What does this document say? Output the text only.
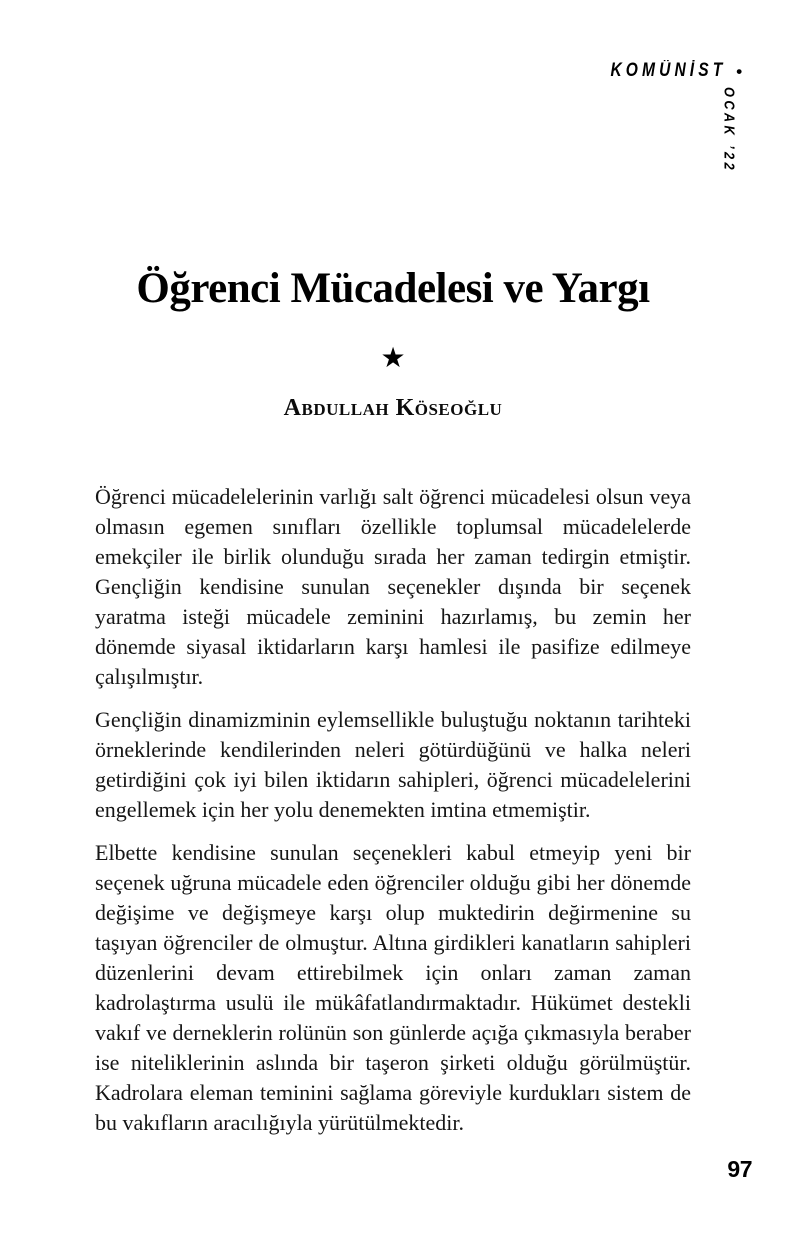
KOMÜNİST •
OCAK ’22
Öğrenci Mücadelesi ve Yargı
★
Abdullah Köseoğlu

Öğrenci mücadelelerinin varlığı salt öğrenci mücadelesi olsun veya olmasın egemen sınıfları özellikle toplumsal mücadelelerde emekçiler ile birlik olunduğu sırada her zaman tedirgin etmiştir. Gençliğin kendisine sunulan seçenekler dışında bir seçenek yaratma isteği mücadele zeminini hazırlamış, bu zemin her dönemde siyasal iktidarların karşı hamlesi ile pasifize edilmeye çalışılmıştır.

Gençliğin dinamizminin eylemsellikle buluştuğu noktanın tarihteki örneklerinde kendilerinden neleri götürdüğünü ve halka neleri getirdiğini çok iyi bilen iktidarın sahipleri, öğrenci mücadelelerini engellemek için her yolu denemekten imtina etmemiştir.

Elbette kendisine sunulan seçenekleri kabul etmeyip yeni bir seçenek uğruna mücadele eden öğrenciler olduğu gibi her dönemde değişime ve değişmeye karşı olup muktedirin değirmenine su taşıyan öğrenciler de olmuştur. Altına girdikleri kanatların sahipleri düzenlerini devam ettirebilmek için onları zaman zaman kadrolaştırma usulü ile mükâfatlandırmaktadır. Hükümet destekli vakıf ve derneklerin rolünün son günlerde açığa çıkmasıyla beraber ise niteliklerinin aslında bir taşeron şirketi olduğu görülmüştür. Kadrolara eleman teminini sağlama göreviyle kurdukları sistem de bu vakıfların aracılığıyla yürütülmektedir.

97
